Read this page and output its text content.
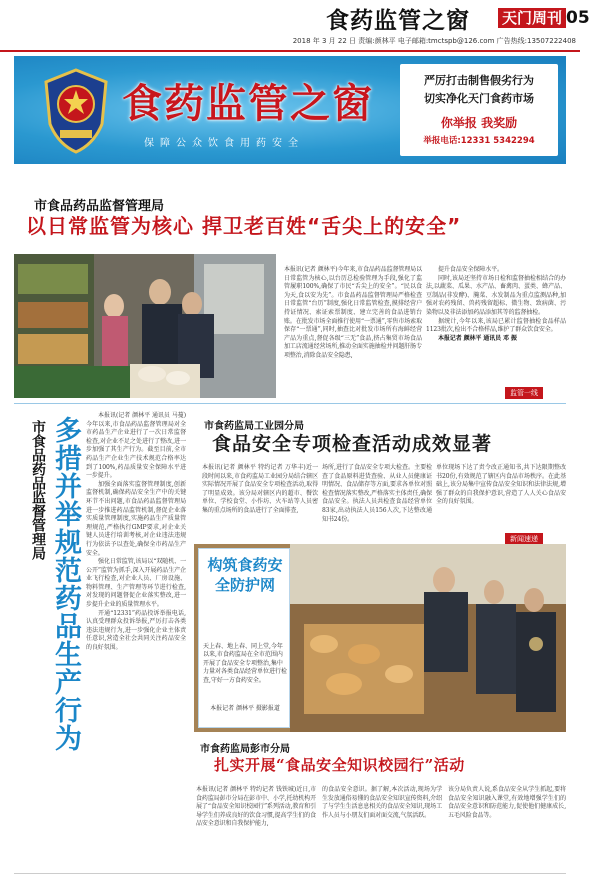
食药监管之窗 天门周刊 05
2018 年 3 月 22 日 责编:颜林平 电子邮箱:tmctspb@126.com 广告热线:13507222408
食药监管之窗
保障公众饮食用药安全
严厉打击制售假劣行为
切实净化天门食药市场
你举报 我奖励
举报电话:12331 5342294
市食品药品监督管理局
以日常监管为核心 捍卫老百姓“舌尖上的安全”
本报讯(记者 颜林平)今年来,市食品药品监督管理局以日常监管为核心,以台历总检验管理为手段,强化了监管履职100%,确保了市民“舌尖上的安全”。“民以食为天,食以安为先”。市食品药品监督管理局严格检查日常监管“台历”制度,强化日常监管检查,摸排经营户持证情况、索证索票制度、建立完善的食品进销台账。在批发市场全面推行使用“一票通”,零售市场索取保存“一票通”,同时,抽查比对批发市场所有海鲜经营产品为重点,督促各级“三无”食品,挤占集贸市场食品加工店流通经营场所,推动全面实施抽检并问题肝肠专项整治,消除食品安全隐患,

提升食品安全保障水平。

同时,该局还坚持市场日检和监督抽检相结合的办法,以蔬菜、瓜果、水产品、畜禽肉、蛋类、蜂产品、豆制品(非发酵)、腌菜、水发制品为重点监测品种,加强对农药残留、兽药残留超标、微生物、致病菌、污染物以及非法添加药品添加其等的监督抽检。

据统计,今年以来,该局已累计监督抽检食品样品1123批次,检出不合格样品,维护了群众饮食安全。

本报记者 颜林平 通讯员 邓 振

监管一线
市食品药品监督管理局 多措并举规范药品生产行为

本报讯(记者 颜林平 通讯员 马蔓)今年以来,市食品药品监督管理局对全市药品生产企业进行了一次日常监督检查,对企业不足之处进行了整改,进一步加强了其生产行为。截至目前,全市药品生产企业生产技术规范合格率达到了100%,药品质量安全保障水平进一步提升。

加强全面落实监督管理制度,创新监督机制,确保药品安全生产中的关键环节不出问题,市食品药品监督管理局进一步推进药品监管机制,督促企业落实质量管理制度,实施药品生产质量管理规范,严格执行GMP要求,对企业关键人员进行培训考核,对企业违法违规行为依法予以查处,确保全市药品生产安全。

强化日常监管,该局以“双随机、一公开”监管为抓手,深入开展药品生产企业飞行检查,对企业人员、厂房设施、物料管理、生产管理等环节进行检查,对发现的问题督促企业落实整改,进一步提升企业的质量管理水平。

开通“12331”药品投诉举报电话,认真受理群众投诉举报,严厉打击各类违法违规行为,进一步强化企业主体责任意识,营造全社会共同关注药品安全的良好氛围。

市食药监局工业园分局
食品安全专项检查活动成效显著
本报讯(记者 颜林平 特约记者 万华丰)近一段时间以来,市食药监局工业园分局结合辖区实际情况开展了食品安全专项检查活动,取得了明显成效。该分局对辖区内的超市、餐饮单位、学校食堂、小作坊、火车站等人员密集的重点场所的食品进行了全面排查,
场所,进行了食品安全专项大检查。主要检查了食品原料进货查验、从业人员健康证明情况、食品储存等方面,要求各单位对照检查情况落实整改,严格落实主体责任,确保食品安全。执法人员共检查食品经营单位83家,出动执法人员156人次,下达整改通知书24份。
单位现场下达了责令改正通知书,共下达限期整改书20份,有效规范了辖区内食品市场秩序。在此基础上,该分局集中宣传食品安全知识和法律法规,增强了群众的自我保护意识,营造了人人关心食品安全的良好氛围。
新闻速递
构筑食药安全防护网
天上春、地上春、同上堂,今年以来,市食药监局在全市范围内开展了食品安全专项整治,集中力量对各类食品经营单位进行检查,守好一方食药安全。
本报记者 颜林平 摄影报道
市食药监局彭市分局
扎实开展“食品安全知识校园行”活动
本报讯(记者 颜林平 特约记者 钱铁城)近日,市食药监局彭市分局在彭市中、小学,托幼机构开展了“食品安全知识校园行”系列活动,教育和引导学生们养成良好的饮食习惯,提高学生们的食品安全意识和自我保护能力,
的食品安全意识。据了解,本次活动,现场为学生发放通俗易懂的食品安全知识宣传资料,介绍了与学生生活息息相关的食品安全知识,现场工作人员与小朋友们面对面交流,气氛活跃。
该分局负责人说,系食品安全从学生抓起,要将食品安全知识融入课堂,有效地增强学生们的食品安全意识和防范能力,促使他们健康成长,五毛风险食品等。
